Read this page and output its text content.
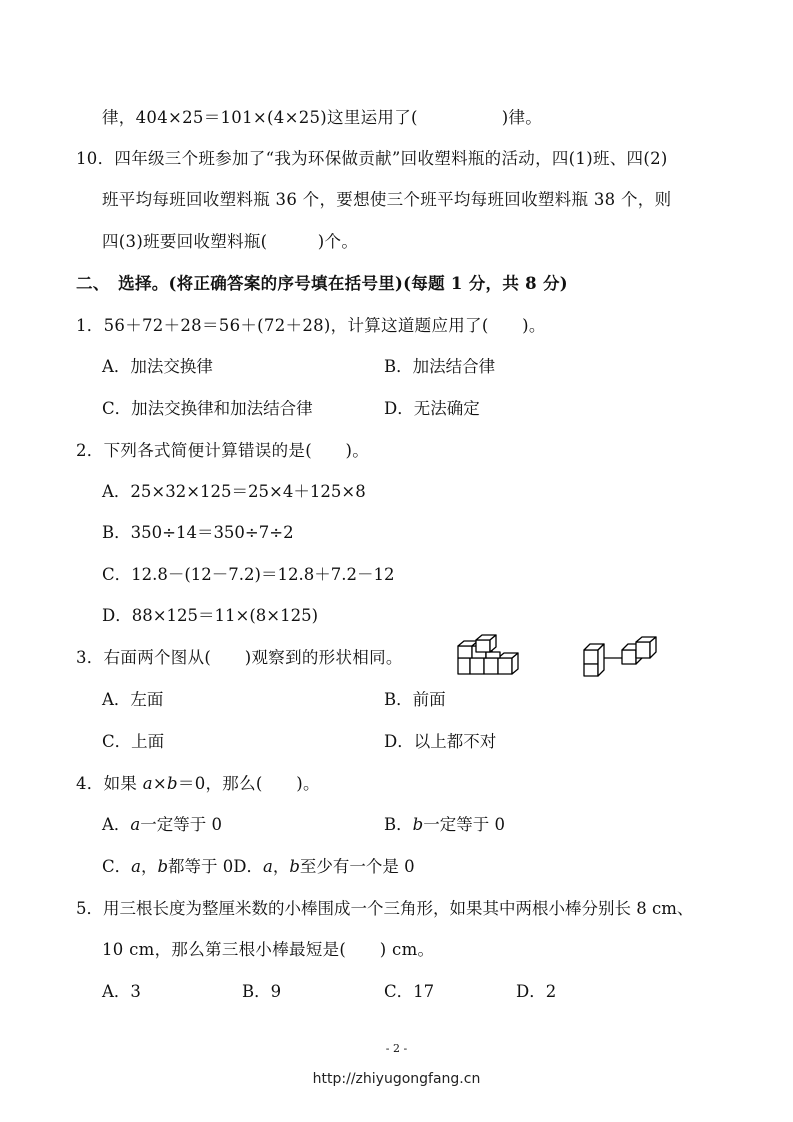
律，404×25＝101×(4×25)这里运用了(　　　　　)律。
10．四年级三个班参加了“我为环保做贡献”回收塑料瓶的活动，四(1)班、四(2)
班平均每班回收塑料瓶 36 个，要想使三个班平均每班回收塑料瓶 38 个，则
四(3)班要回收塑料瓶(　　　)个。
二、　选择。(将正确答案的序号填在括号里)(每题 1 分，共 8 分)
1．56＋72＋28＝56＋(72＋28)，计算这道题应用了(　　)。
A．加法交换律	B．加法结合律
C．加法交换律和加法结合律	D．无法确定
2．下列各式简便计算错误的是(　　)。
A．25×32×125＝25×4＋125×8
B．350÷14＝350÷7÷2
C．12.8－(12－7.2)＝12.8＋7.2－12
D．88×125＝11×(8×125)
3．右面两个图从(　　)观察到的形状相同。
A．左面	B．前面
C．上面	D．以上都不对
4．如果 a×b＝0，那么(　　)。
A．a一定等于 0	B．b一定等于 0
C．a，b都等于 0D．a，b至少有一个是 0
5．用三根长度为整厘米数的小棒围成一个三角形，如果其中两根小棒分别长 8 cm、
10 cm，那么第三根小棒最短是(　　) cm。
A．3	B．9	C．17	D．2
- 2 -
http://zhiyugongfang.cn
